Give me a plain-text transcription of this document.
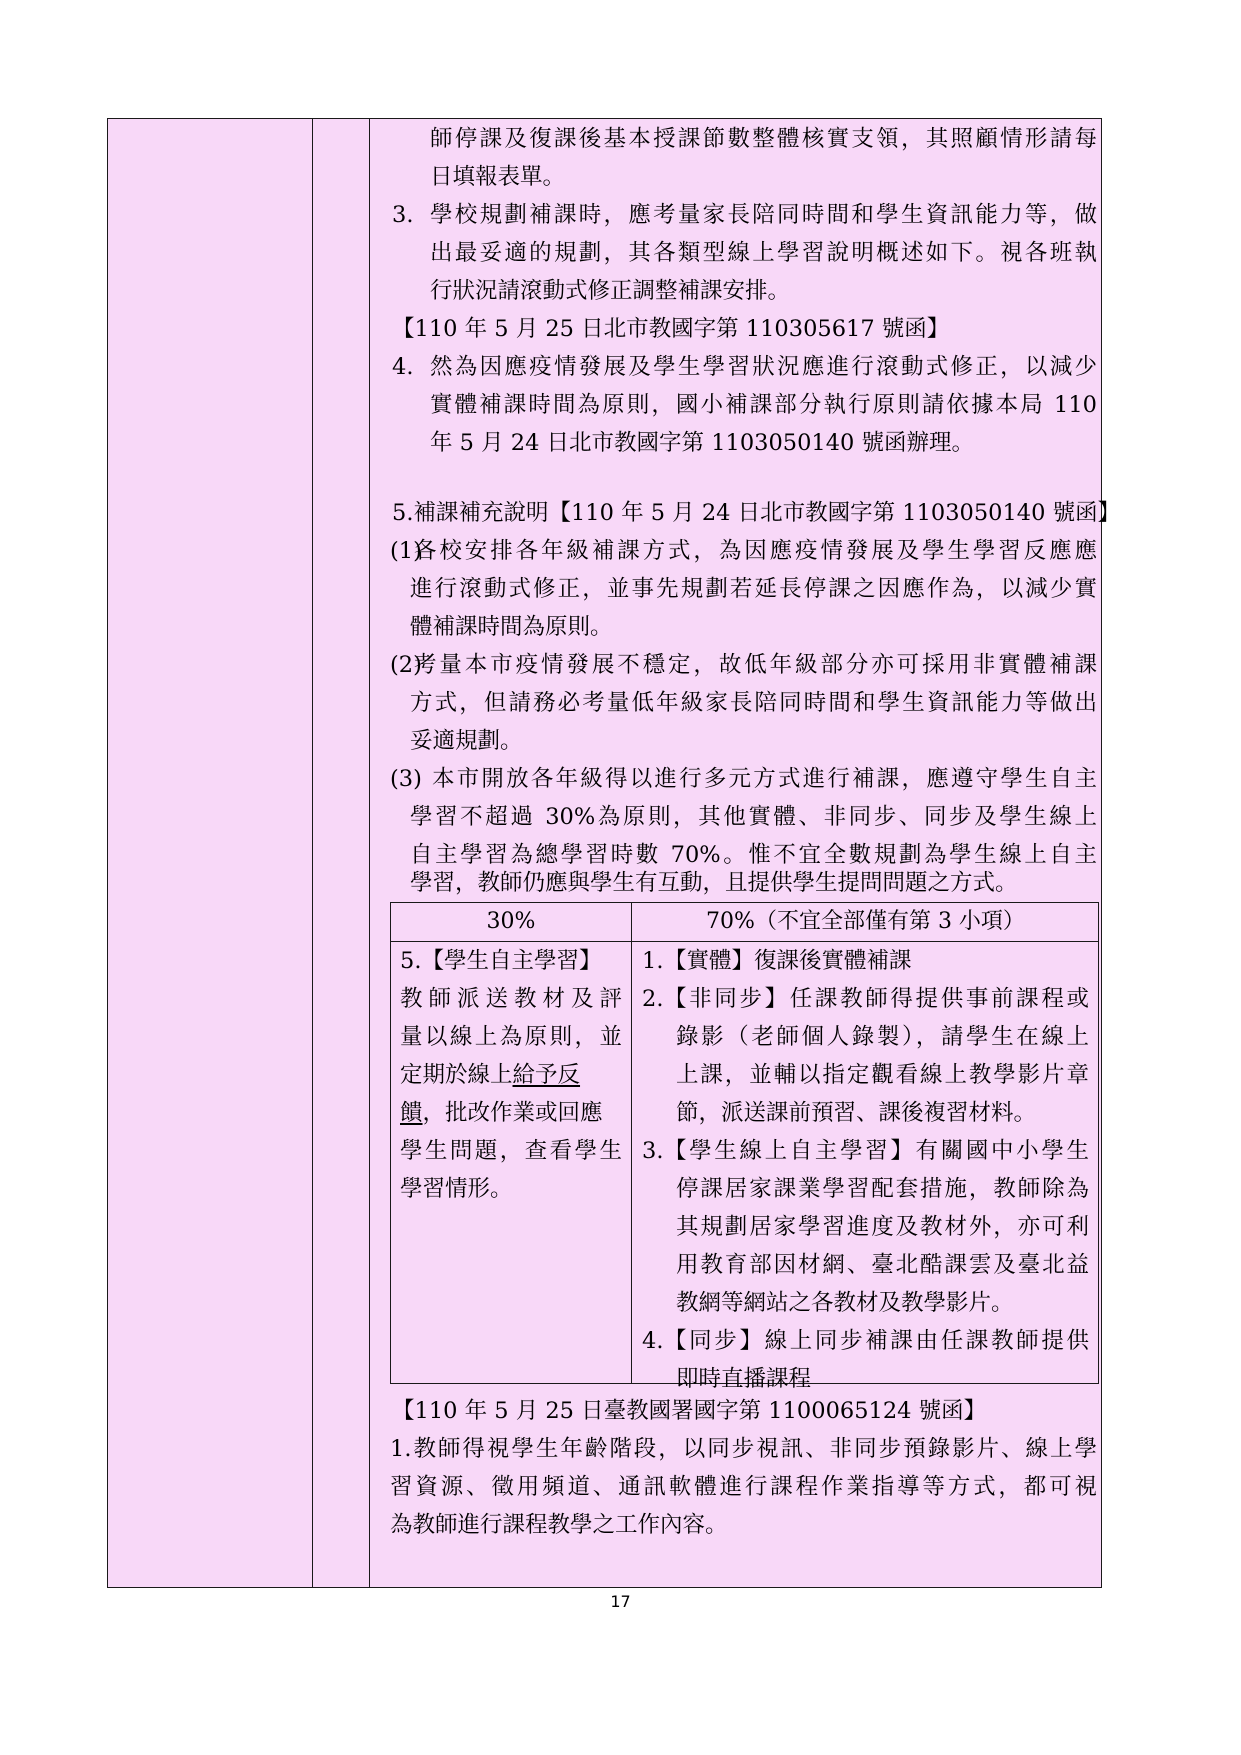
師停課及復課後基本授課節數整體核實支領，其照顧情形請每
日填報表單。
3. 學校規劃補課時，應考量家長陪同時間和學生資訊能力等，做
出最妥適的規劃，其各類型線上學習說明概述如下。視各班執
行狀況請滾動式修正調整補課安排。
【110 年 5 月 25 日北市教國字第 110305617 號函】
4. 然為因應疫情發展及學生學習狀況應進行滾動式修正，以減少
實體補課時間為原則，國小補課部分執行原則請依據本局 110
年 5 月 24 日北市教國字第 1103050140 號函辦理。
5.補課補充說明【110 年 5 月 24 日北市教國字第 1103050140 號函】
(1)
各校安排各年級補課方式，為因應疫情發展及學生學習反應應
進行滾動式修正，並事先規劃若延長停課之因應作為，以減少實
體補課時間為原則。
(2)
考量本市疫情發展不穩定，故低年級部分亦可採用非實體補課
方式，但請務必考量低年級家長陪同時間和學生資訊能力等做出
妥適規劃。
(3) 本市開放各年級得以進行多元方式進行補課，應遵守學生自主
學習不超過 30%為原則，其他實體、非同步、同步及學生線上
自主學習為總學習時數 70%。惟不宜全數規劃為學生線上自主
學習，教師仍應與學生有互動，且提供學生提問問題之方式。
30%	70%（不宜全部僅有第 3 小項）
5.【學生自主學習】
教師派送教材及評
量以線上為原則，並
定期於線上給予反
饋，批改作業或回應
學生問題，查看學生
學習情形。
1. 【實體】復課後實體補課
2. 【非同步】任課教師得提供事前課程或
錄影（老師個人錄製），請學生在線上
上課，並輔以指定觀看線上教學影片章
節，派送課前預習、課後複習材料。
3. 【學生線上自主學習】有關國中小學生
停課居家課業學習配套措施，教師除為
其規劃居家學習進度及教材外，亦可利
用教育部因材網、臺北酷課雲及臺北益
教網等網站之各教材及教學影片。
4. 【同步】線上同步補課由任課教師提供
即時直播課程
【110 年 5 月 25 日臺教國署國字第 1100065124 號函】
1.教師得視學生年齡階段，以同步視訊、非同步預錄影片、線上學
習資源、徵用頻道、通訊軟體進行課程作業指導等方式，都可視
為教師進行課程教學之工作內容。
17
